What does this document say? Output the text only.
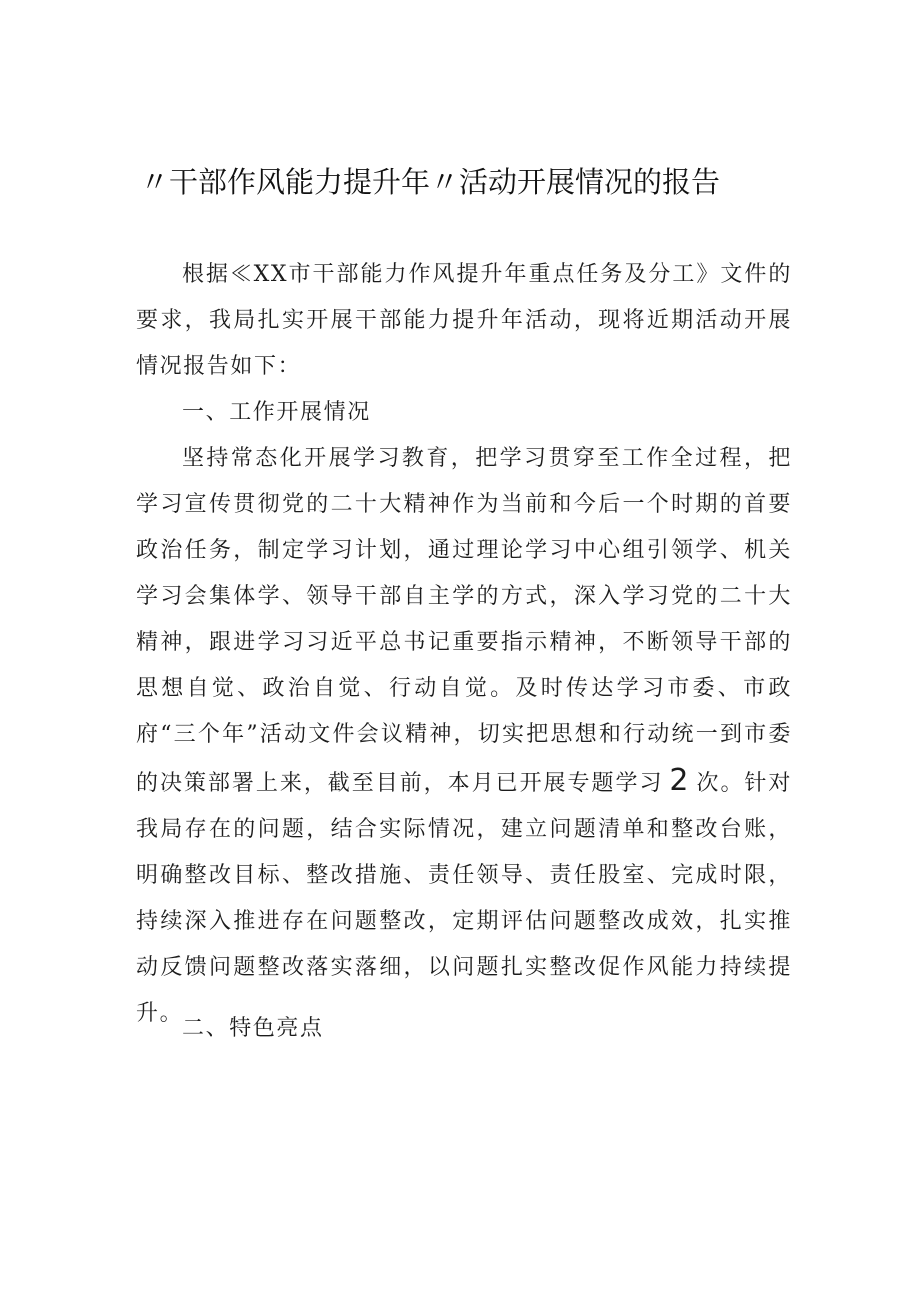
〃干部作风能力提升年〃活动开展情况的报告

根据≪XX市干部能力作风提升年重点任务及分工》文件的要求，我局扎实开展干部能力提升年活动，现将近期活动开展情况报告如下：

一、工作开展情况

坚持常态化开展学习教育，把学习贯穿至工作全过程，把学习宣传贯彻党的二十大精神作为当前和今后一个时期的首要政治任务，制定学习计划，通过理论学习中心组引领学、机关学习会集体学、领导干部自主学的方式，深入学习党的二十大精神，跟进学习习近平总书记重要指示精神，不断领导干部的思想自觉、政治自觉、行动自觉。及时传达学习市委、市政府“三个年”活动文件会议精神，切实把思想和行动统一到市委的决策部署上来，截至目前，本月已开展专题学习 2 次。针对我局存在的问题，结合实际情况，建立问题清单和整改台账，明确整改目标、整改措施、责任领导、责任股室、完成时限，持续深入推进存在问题整改，定期评估问题整改成效，扎实推动反馈问题整改落实落细，以问题扎实整改促作风能力持续提升。

二、特色亮点
